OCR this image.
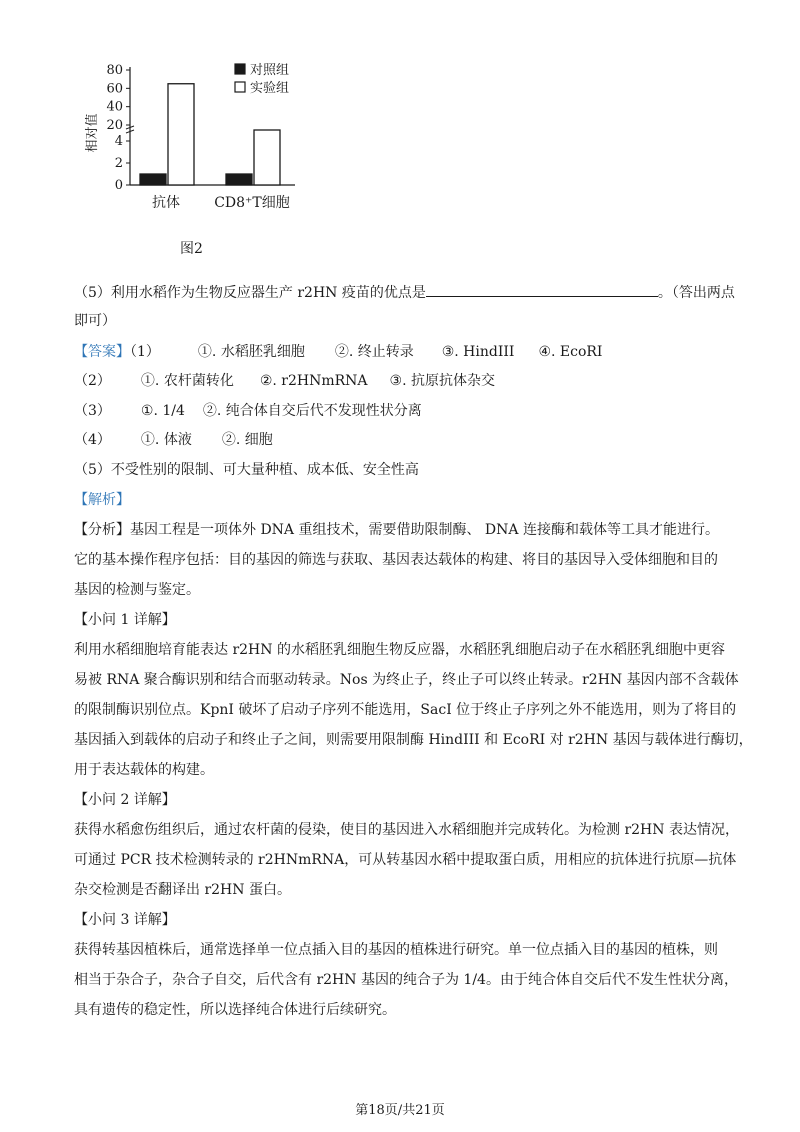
0
2
4
20
40
60
80
相对值
抗体 CD8⁺T细胞
对照组
实验组
图2
（5）利用水稻作为生物反应器生产 r2HN 疫苗的优点是	。（答出两点
即可）
【答案】（1）	①. 水稻胚乳细胞 ②. 终止转录 ③. HindIII ④. EcoRI
（2） ①. 农杆菌转化 ②. r2HNmRNA ③. 抗原抗体杂交
（3） ①. 1/4 ②. 纯合体自交后代不发现性状分离
（4） ①. 体液 ②. 细胞
（5）不受性别的限制、可大量种植、成本低、安全性高
【解析】
【分析】基因工程是一项体外 DNA 重组技术，需要借助限制酶、 DNA 连接酶和载体等工具才能进行。
它的基本操作程序包括：目的基因的筛选与获取、基因表达载体的构建、将目的基因导入受体细胞和目的
基因的检测与鉴定。
【小问 1 详解】
利用水稻细胞培育能表达 r2HN 的水稻胚乳细胞生物反应器，水稻胚乳细胞启动子在水稻胚乳细胞中更容
易被 RNA 聚合酶识别和结合而驱动转录。Nos 为终止子，终止子可以终止转录。r2HN 基因内部不含载体
的限制酶识别位点。KpnI 破坏了启动子序列不能选用，SacI 位于终止子序列之外不能选用，则为了将目的
基因插入到载体的启动子和终止子之间，则需要用限制酶 HindIII 和 EcoRI 对 r2HN 基因与载体进行酶切，
用于表达载体的构建。
【小问 2 详解】
获得水稻愈伤组织后，通过农杆菌的侵染，使目的基因进入水稻细胞并完成转化。为检测 r2HN 表达情况，
可通过 PCR 技术检测转录的 r2HNmRNA，可从转基因水稻中提取蛋白质，用相应的抗体进行抗原—抗体
杂交检测是否翻译出 r2HN 蛋白。
【小问 3 详解】
获得转基因植株后，通常选择单一位点插入目的基因的植株进行研究。单一位点插入目的基因的植株，则
相当于杂合子，杂合子自交，后代含有 r2HN 基因的纯合子为 1/4。由于纯合体自交后代不发生性状分离，
具有遗传的稳定性，所以选择纯合体进行后续研究。
第18页/共21页
